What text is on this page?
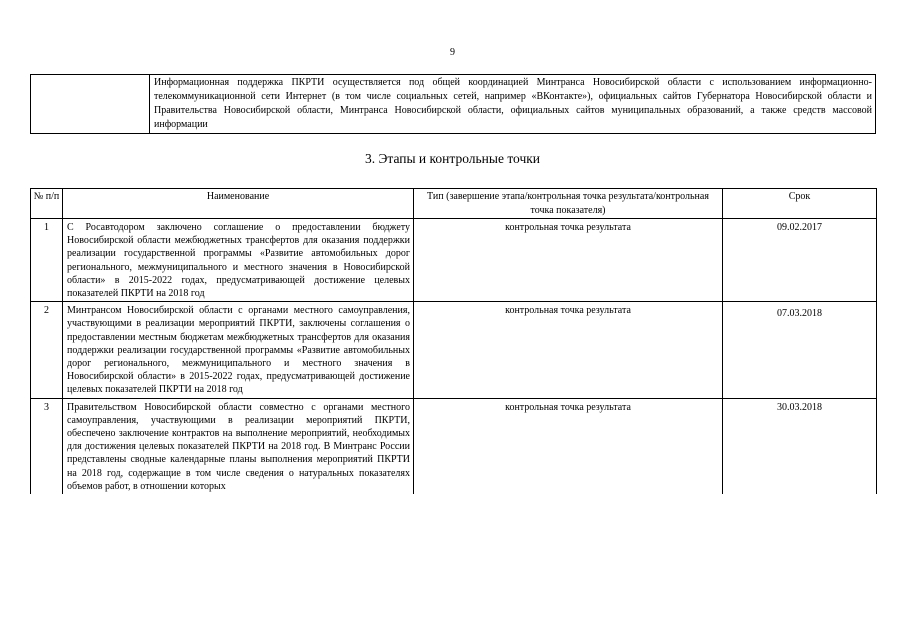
9
	Информационная поддержка ПКРТИ осуществляется под общей координацией Минтранса Новосибирской области с использованием информационно-телекоммуникационной сети Интернет (в том числе социальных сетей, например «ВКонтакте»), официальных сайтов Губернатора Новосибирской области и Правительства Новосибирской области, Минтранса Новосибирской области, официальных сайтов муниципальных образований, а также средств массовой информации
3. Этапы и контрольные точки
№ п/п	Наименование	Тип (завершение этапа/контрольная точка результата/контрольная точка показателя)	Срок
1	С Росавтодором заключено соглашение о предоставлении бюджету Новосибирской области межбюджетных трансфертов для оказания поддержки реализации государственной программы «Развитие автомобильных дорог регионального, межмуниципального и местного значения в Новосибирской области» в 2015-2022 годах, предусматривающей достижение целевых показателей ПКРТИ на 2018 год	контрольная точка результата	09.02.2017
2	Минтрансом Новосибирской области с органами местного самоуправления, участвующими в реализации мероприятий ПКРТИ, заключены соглашения о предоставлении местным бюджетам межбюджетных трансфертов для оказания поддержки реализации государственной программы «Развитие автомобильных дорог регионального, межмуниципального и местного значения в Новосибирской области» в 2015-2022 годах, предусматривающей достижение целевых показателей ПКРТИ на 2018 год	контрольная точка результата	07.03.2018
3	Правительством Новосибирской области совместно с органами местного самоуправления, участвующими в реализации мероприятий ПКРТИ, обеспечено заключение контрактов на выполнение мероприятий, необходимых для достижения целевых показателей ПКРТИ на 2018 год. В Минтранс России представлены сводные календарные планы выполнения мероприятий ПКРТИ на 2018 год, содержащие в том числе сведения о натуральных показателях объемов работ, в отношении которых	контрольная точка результата	30.03.2018
